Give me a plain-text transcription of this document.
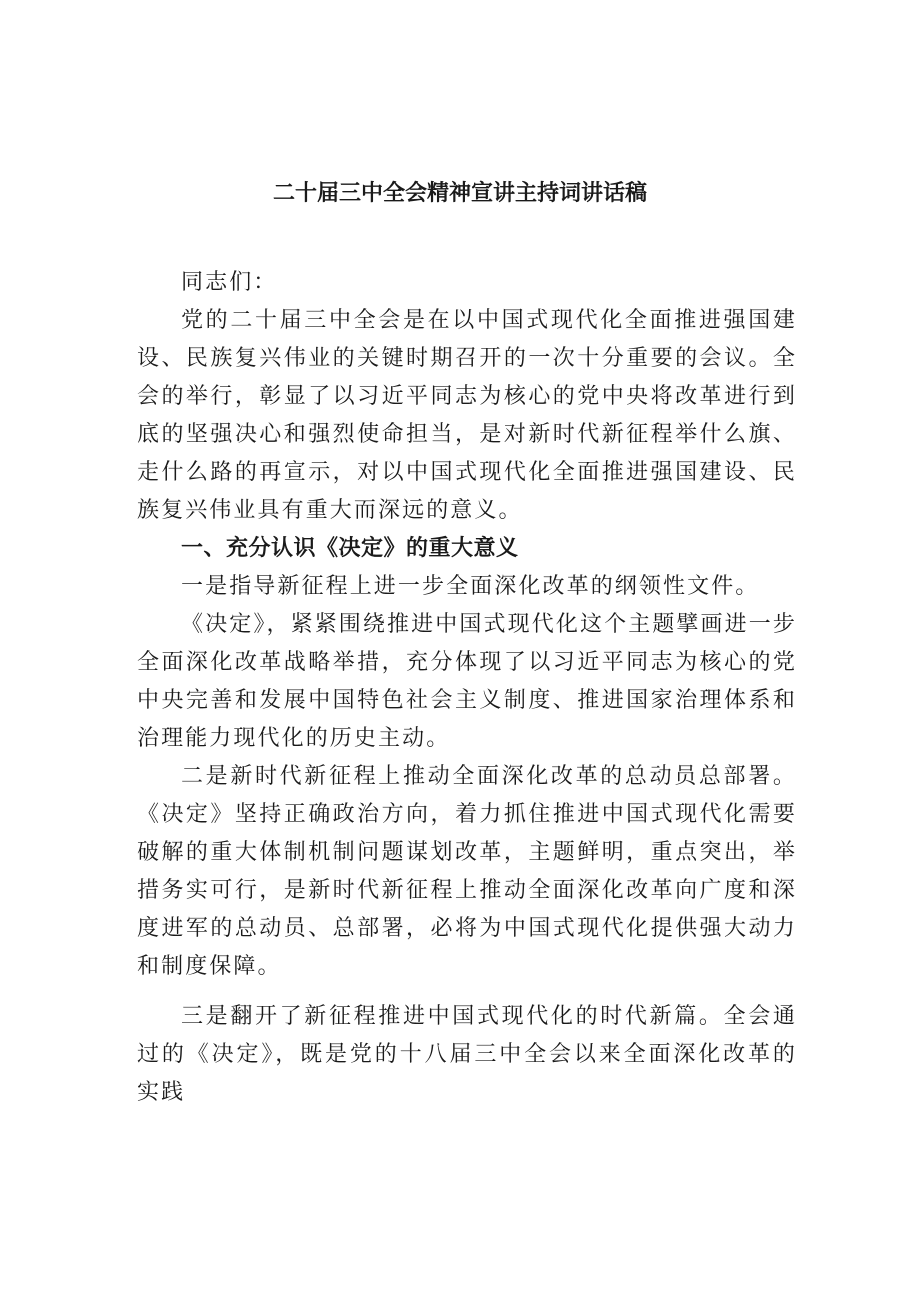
二十届三中全会精神宣讲主持词讲话稿

同志们：

党的二十届三中全会是在以中国式现代化全面推进强国建设、民族复兴伟业的关键时期召开的一次十分重要的会议。全会的举行，彰显了以习近平同志为核心的党中央将改革进行到底的坚强决心和强烈使命担当，是对新时代新征程举什么旗、走什么路的再宣示，对以中国式现代化全面推进强国建设、民族复兴伟业具有重大而深远的意义。

一、充分认识《决定》的重大意义

一是指导新征程上进一步全面深化改革的纲领性文件。

《决定》，紧紧围绕推进中国式现代化这个主题擘画进一步全面深化改革战略举措，充分体现了以习近平同志为核心的党中央完善和发展中国特色社会主义制度、推进国家治理体系和治理能力现代化的历史主动。

二是新时代新征程上推动全面深化改革的总动员总部署。《决定》坚持正确政治方向，着力抓住推进中国式现代化需要破解的重大体制机制问题谋划改革，主题鲜明，重点突出，举措务实可行，是新时代新征程上推动全面深化改革向广度和深度进军的总动员、总部署，必将为中国式现代化提供强大动力和制度保障。

三是翻开了新征程推进中国式现代化的时代新篇。全会通过的《决定》，既是党的十八届三中全会以来全面深化改革的实践
